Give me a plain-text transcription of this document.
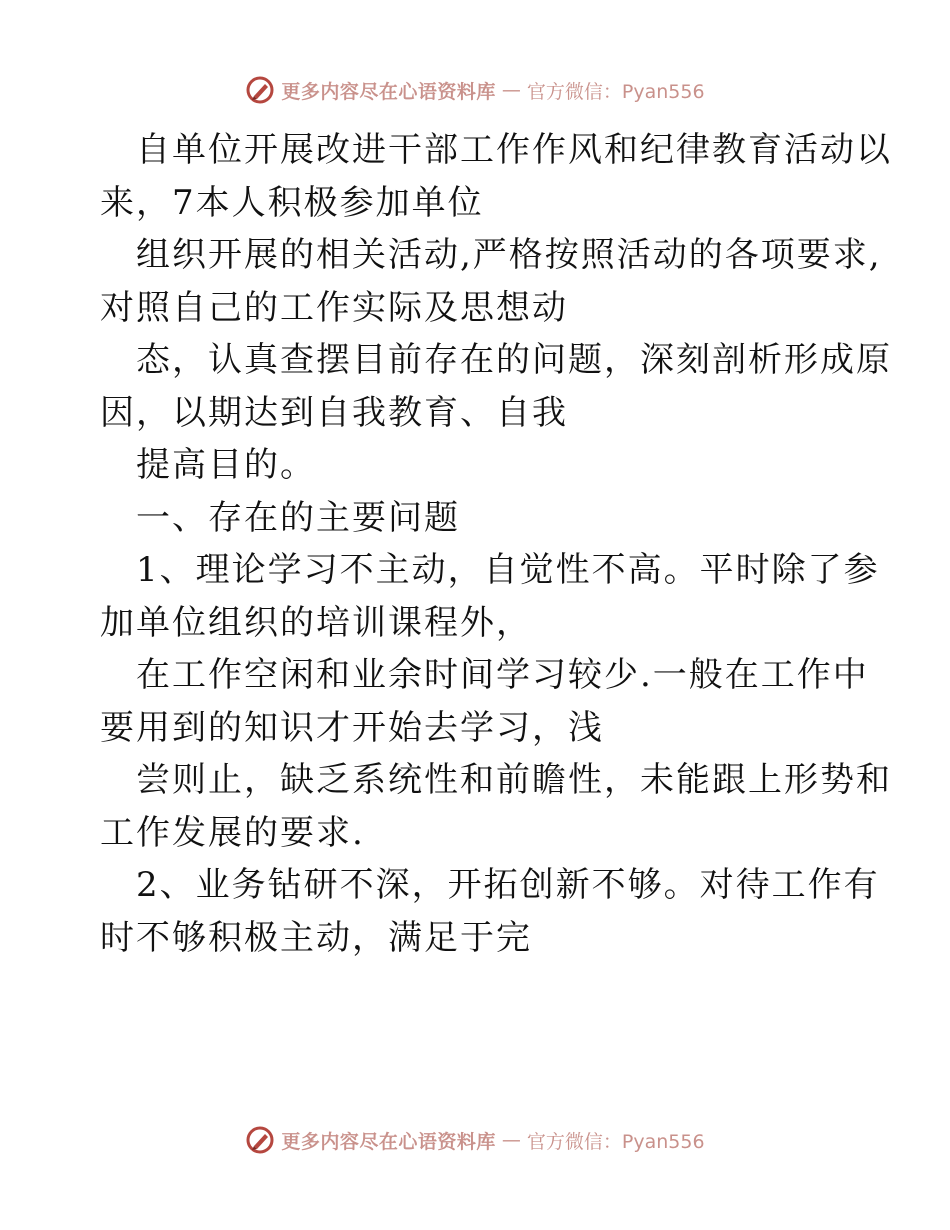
更多内容尽在心语资料库 — 官方微信：Pyan556
自单位开展改进干部工作作风和纪律教育活动以
来，7本人积极参加单位
组织开展的相关活动,严格按照活动的各项要求,
对照自己的工作实际及思想动
态，认真查摆目前存在的问题，深刻剖析形成原
因，以期达到自我教育、自我
提高目的。
一、存在的主要问题
1、理论学习不主动，自觉性不高。平时除了参
加单位组织的培训课程外，
在工作空闲和业余时间学习较少.一般在工作中
要用到的知识才开始去学习，浅
尝则止，缺乏系统性和前瞻性，未能跟上形势和
工作发展的要求.
2、业务钻研不深，开拓创新不够。对待工作有
时不够积极主动，满足于完
更多内容尽在心语资料库 — 官方微信：Pyan556
